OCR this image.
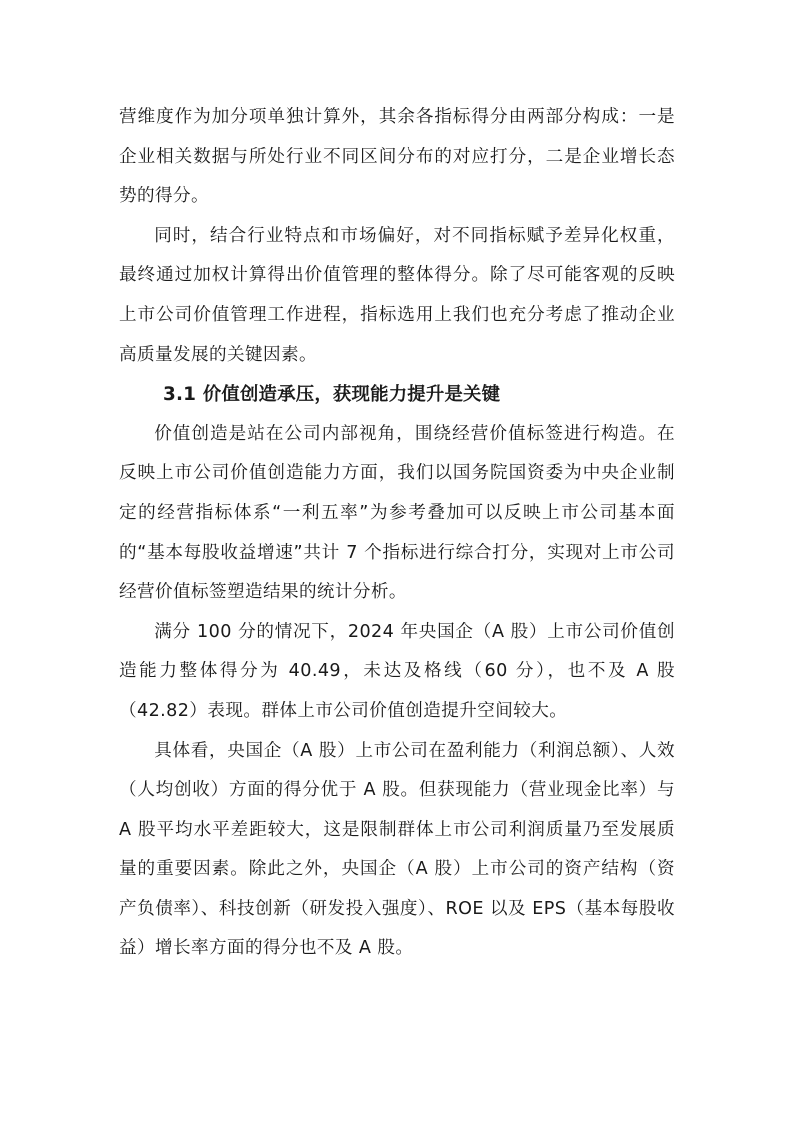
营维度作为加分项单独计算外，其余各指标得分由两部分构成：一是企业相关数据与所处行业不同区间分布的对应打分，二是企业增长态势的得分。

同时，结合行业特点和市场偏好，对不同指标赋予差异化权重，最终通过加权计算得出价值管理的整体得分。除了尽可能客观的反映上市公司价值管理工作进程，指标选用上我们也充分考虑了推动企业高质量发展的关键因素。

3.1 价值创造承压，获现能力提升是关键

价值创造是站在公司内部视角，围绕经营价值标签进行构造。在反映上市公司价值创造能力方面，我们以国务院国资委为中央企业制定的经营指标体系“一利五率”为参考叠加可以反映上市公司基本面的“基本每股收益增速”共计 7 个指标进行综合打分，实现对上市公司经营价值标签塑造结果的统计分析。

满分 100 分的情况下，2024 年央国企（A 股）上市公司价值创造能力整体得分为 40.49，未达及格线（60 分），也不及 A 股（42.82）表现。群体上市公司价值创造提升空间较大。

具体看，央国企（A 股）上市公司在盈利能力（利润总额）、人效（人均创收）方面的得分优于 A 股。但获现能力（营业现金比率）与 A 股平均水平差距较大，这是限制群体上市公司利润质量乃至发展质量的重要因素。除此之外，央国企（A 股）上市公司的资产结构（资产负债率）、科技创新（研发投入强度）、ROE 以及 EPS（基本每股收益）增长率方面的得分也不及 A 股。
